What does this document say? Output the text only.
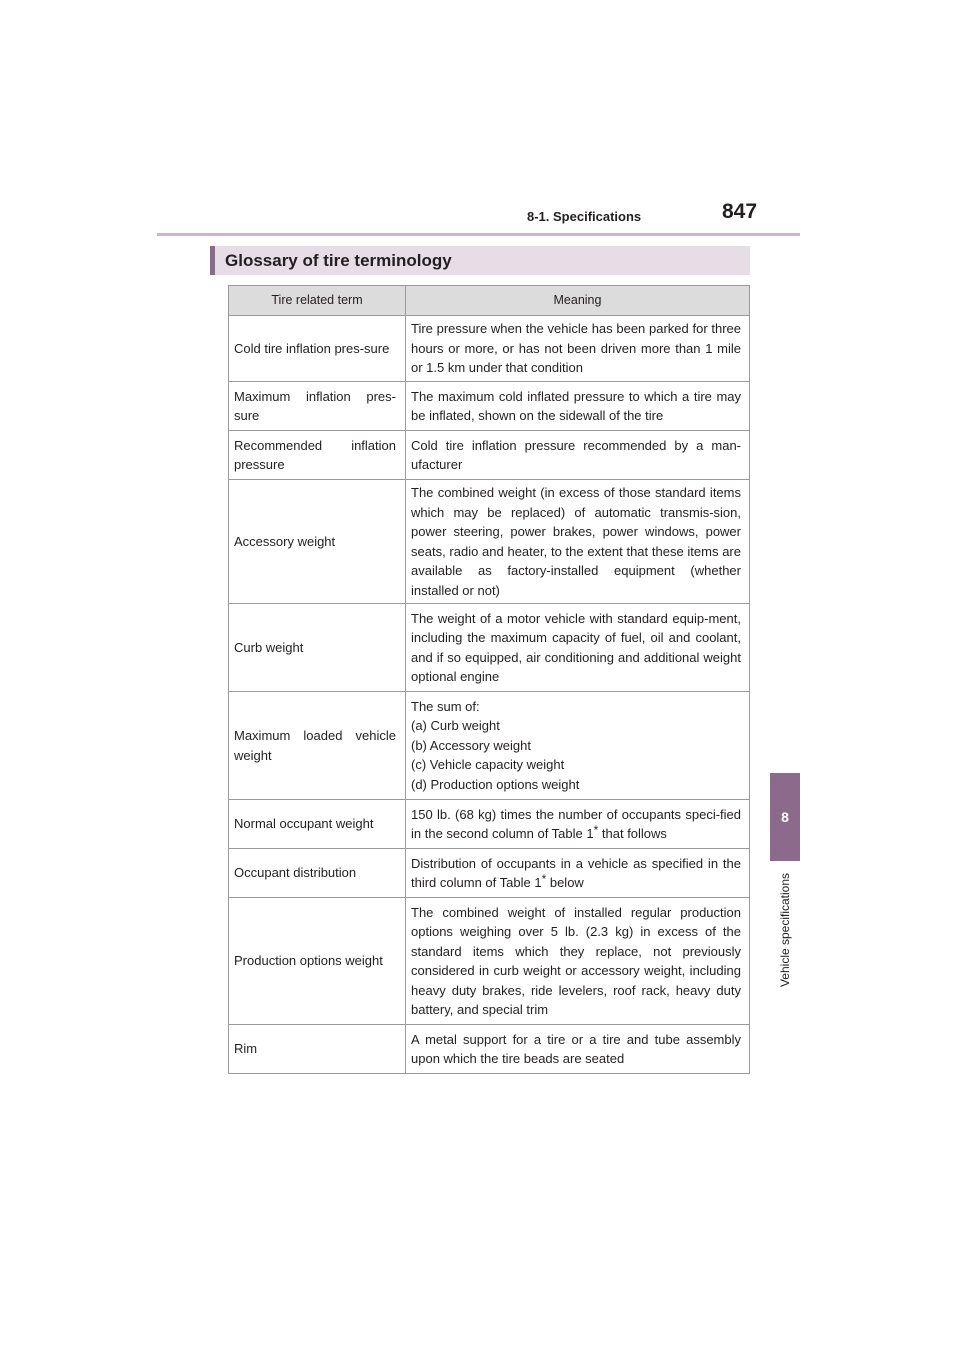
8-1. Specifications	847
8
Vehicle specifications
Glossary of tire terminology
Tire related term	Meaning
Cold tire inflation pres-sure	Tire pressure when the vehicle has been parked for three hours or more, or has not been driven more than 1 mile or 1.5 km under that condition
Maximum inflation pres-sure	The maximum cold inflated pressure to which a tire may be inflated, shown on the sidewall of the tire
Recommended inflation pressure	Cold tire inflation pressure recommended by a man-ufacturer
Accessory weight	The combined weight (in excess of those standard items which may be replaced) of automatic transmis-sion, power steering, power brakes, power windows, power seats, radio and heater, to the extent that these items are available as factory-installed equipment (whether installed or not)
Curb weight	The weight of a motor vehicle with standard equip-ment, including the maximum capacity of fuel, oil and coolant, and if so equipped, air conditioning and additional weight optional engine
Maximum loaded vehicle weight	The sum of:
(a) Curb weight
(b) Accessory weight
(c) Vehicle capacity weight
(d) Production options weight
Normal occupant weight	150 lb. (68 kg) times the number of occupants speci-fied in the second column of Table 1* that follows
Occupant distribution	Distribution of occupants in a vehicle as specified in the third column of Table 1* below
Production options weight	The combined weight of installed regular production options weighing over 5 lb. (2.3 kg) in excess of the standard items which they replace, not previously considered in curb weight or accessory weight, including heavy duty brakes, ride levelers, roof rack, heavy duty battery, and special trim
Rim	A metal support for a tire or a tire and tube assembly upon which the tire beads are seated
